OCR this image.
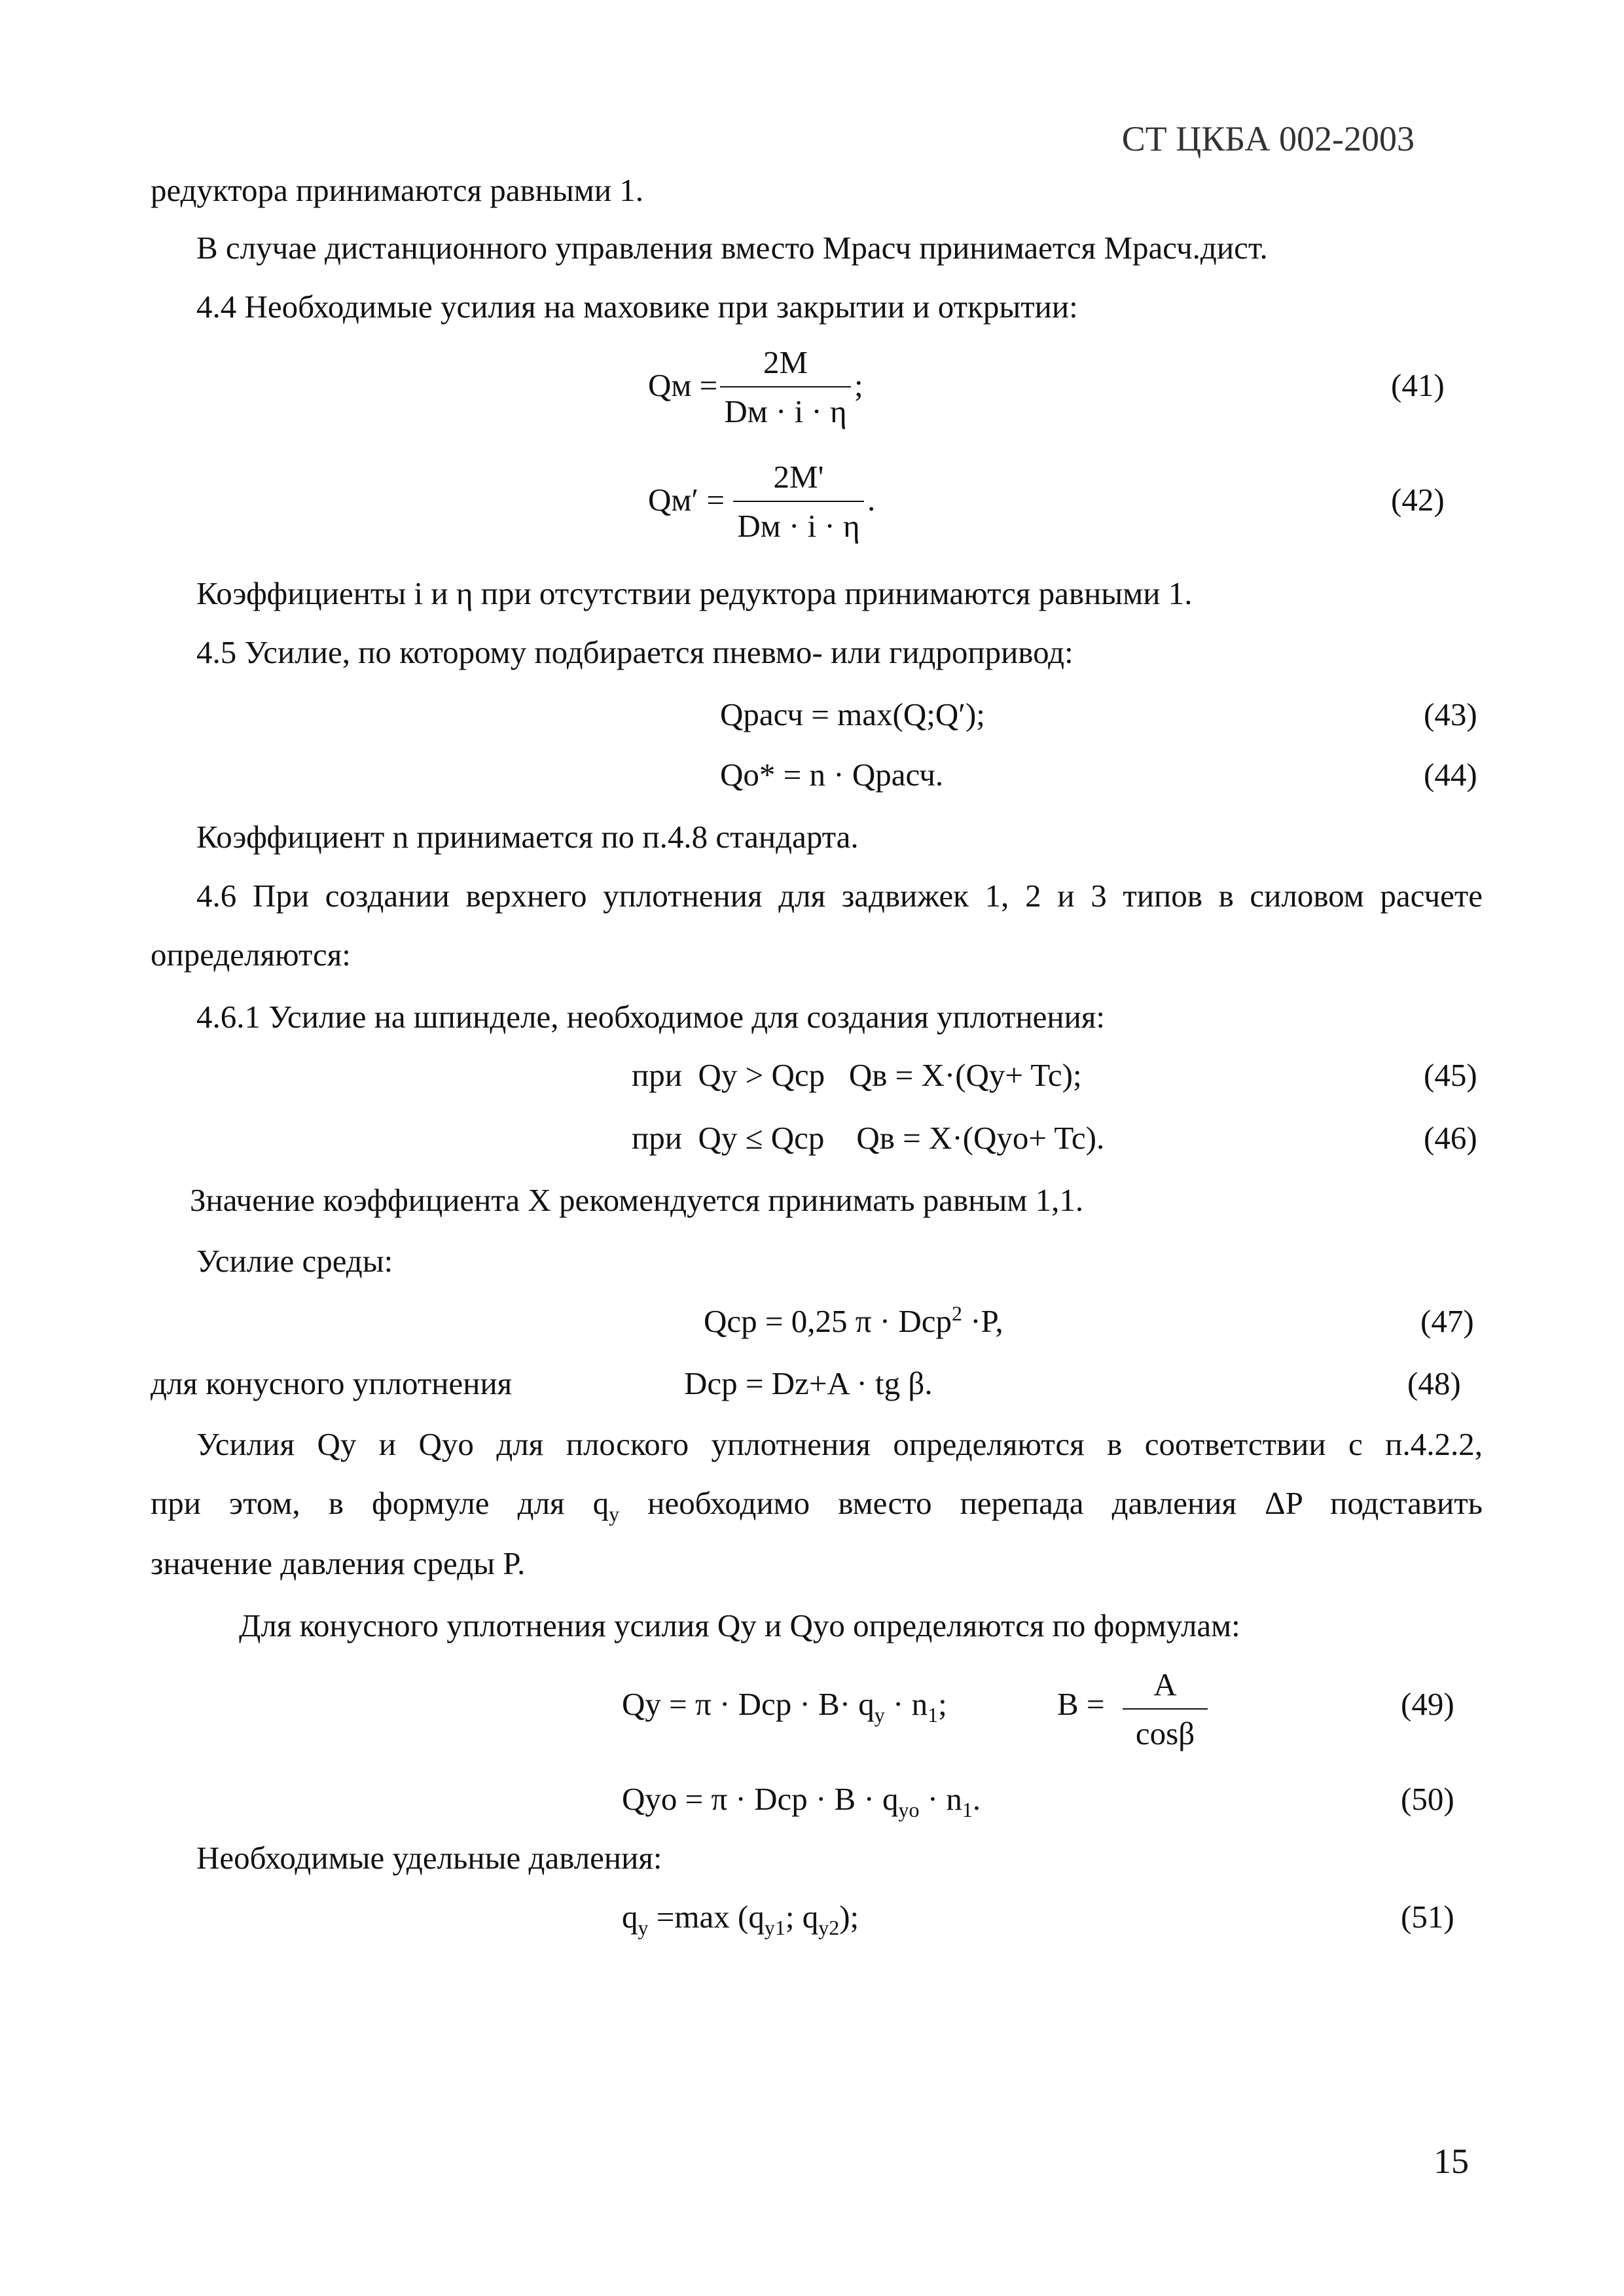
СТ ЦКБА 002-2003
редуктора принимаются равными 1.
В случае дистанционного управления вместо Мрасч принимается Мрасч.дист.
4.4 Необходимые усилия на маховике при закрытии и открытии:
Qм =
2M
Dм · i · η
;	(41)
Qм′ =
2M'
Dм · i · η
.	(42)
Коэффициенты i и η при отсутствии редуктора принимаются равными 1.
4.5 Усилие, по которому подбирается пневмо- или гидропривод:
Qрасч = max(Q;Q′);	(43)
Qo* = n · Qрасч.	(44)
Коэффициент n принимается по п.4.8 стандарта.
4.6 При создании верхнего уплотнения для задвижек 1, 2 и 3 типов в силовом расчете
определяются:
4.6.1 Усилие на шпинделе, необходимое для создания уплотнения:
при  Qy > Qср   Qв = X·(Qy+ Tc);	(45)
при  Qy ≤ Qср    Qв = X·(Qyo+ Tc).	(46)
Значение коэффициента X рекомендуется принимать равным 1,1.
Усилие среды:
Qср = 0,25 π · Dср$^2$ ·P,	(47)
для конусного уплотнения	Dср = Dz+A · tg β.	(48)
Усилия Qy и Qyo для плоского уплотнения определяются в соответствии с п.4.2.2,
при этом, в формуле для $q_y$ необходимо вместо перепада давления ΔP подставить
значение давления среды P.
Для конусного уплотнения усилия Qy и Qyo определяются по формулам:
Qy = π · Dср · $B\cdot q_y \cdot n_1$;	$B = \frac{A}{\cos\beta}$	(49)
Qyo = π · Dср · $B \cdot q_{yo} \cdot n_1$.	(50)
Необходимые удельные давления:
$q_y =\max$ ($q_{y1}$; $q_{y2}$);	(51)
15
